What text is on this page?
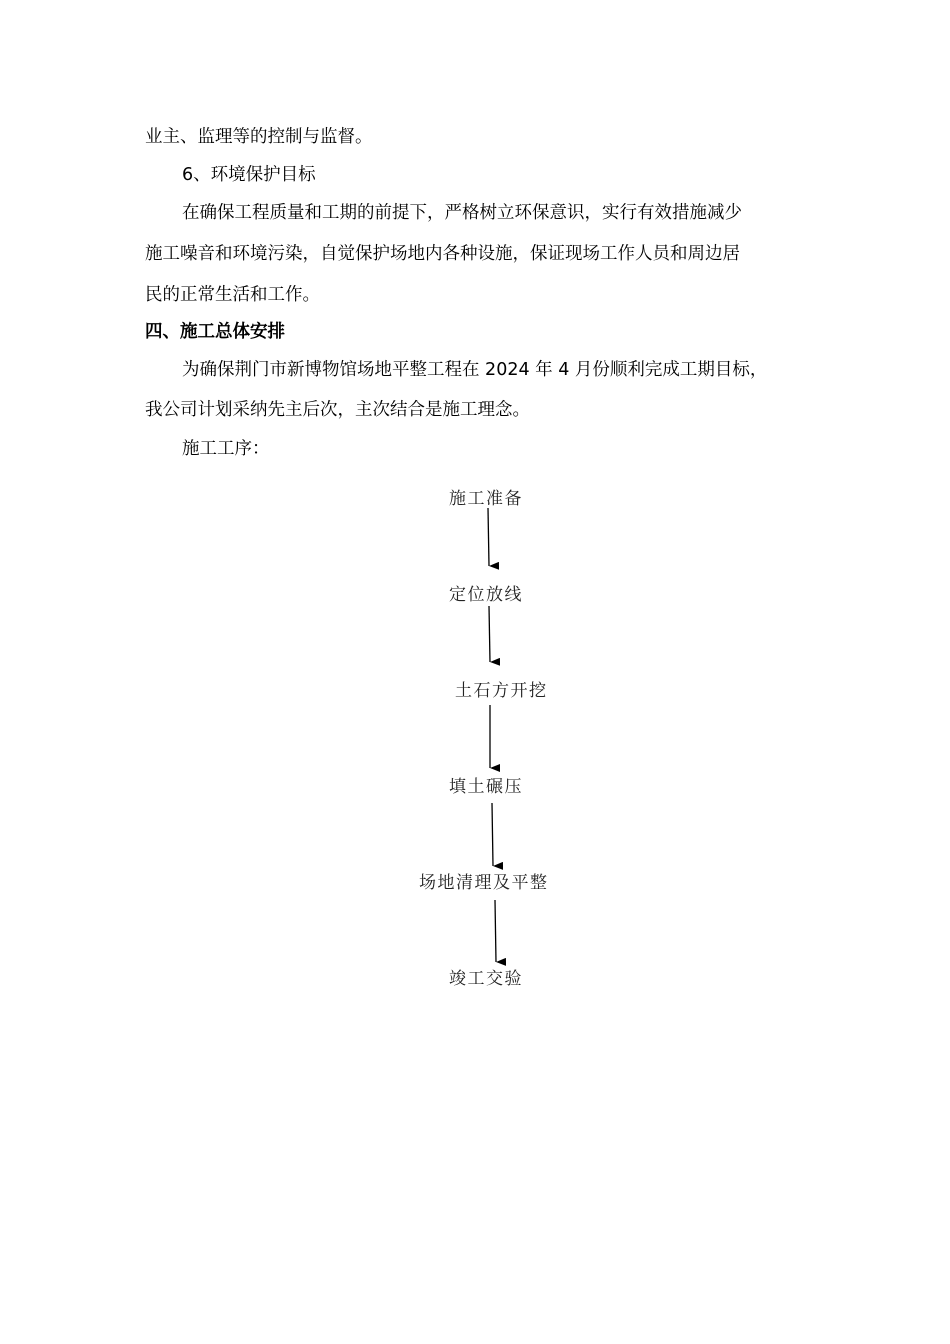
业主、监理等的控制与监督。

6、环境保护目标

在确保工程质量和工期的前提下，严格树立环保意识，实行有效措施减少

施工噪音和环境污染，自觉保护场地内各种设施，保证现场工作人员和周边居

民的正常生活和工作。

四、施工总体安排

为确保荆门市新博物馆场地平整工程在 2024 年 4 月份顺利完成工期目标，

我公司计划采纳先主后次，主次结合是施工理念。

施工工序：

施工准备
定位放线
土石方开挖
填土碾压
场地清理及平整
竣工交验
